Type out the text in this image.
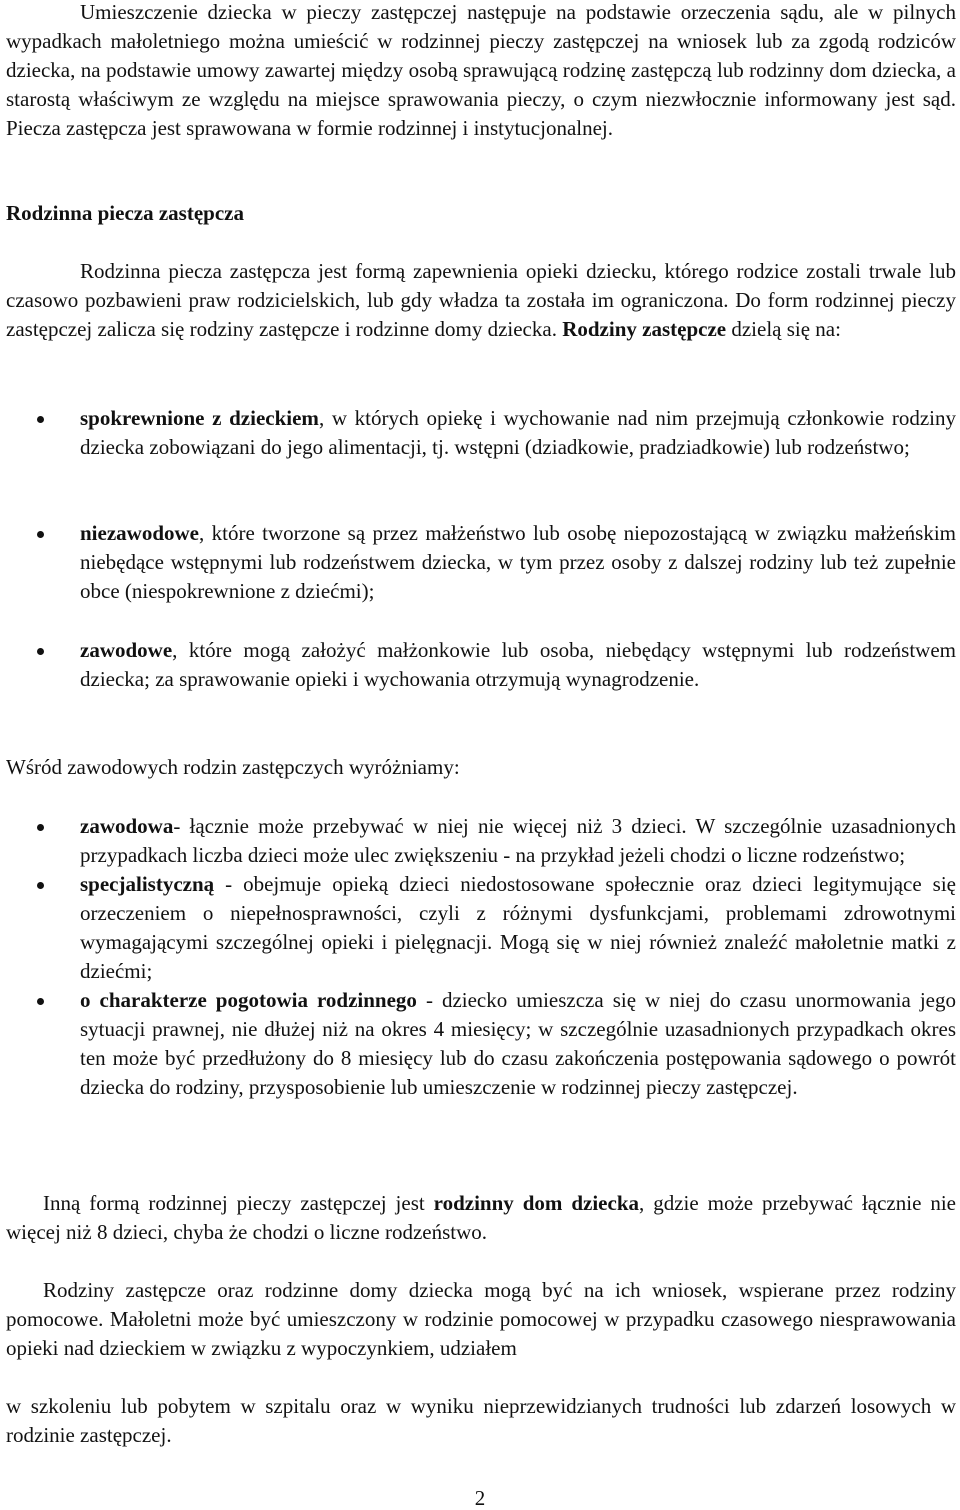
Umieszczenie dziecka w pieczy zastępczej następuje na podstawie orzeczenia sądu, ale w pilnych wypadkach małoletniego można umieścić w rodzinnej pieczy zastępczej na wniosek lub za zgodą rodziców dziecka, na podstawie umowy zawartej między osobą sprawującą rodzinę zastępczą lub rodzinny dom dziecka, a starostą właściwym ze względu na miejsce sprawowania pieczy, o czym niezwłocznie informowany jest sąd. Piecza zastępcza jest sprawowana w formie rodzinnej i instytucjonalnej.

Rodzinna piecza zastępcza

Rodzinna piecza zastępcza jest formą zapewnienia opieki dziecku, którego rodzice zostali trwale lub czasowo pozbawieni praw rodzicielskich, lub gdy władza ta została im ograniczona. Do form rodzinnej pieczy zastępczej zalicza się rodziny zastępcze i rodzinne domy dziecka. Rodziny zastępcze dzielą się na:

spokrewnione z dzieckiem, w których opiekę i wychowanie nad nim przejmują członkowie rodziny dziecka zobowiązani do jego alimentacji, tj. wstępni (dziadkowie, pradziadkowie) lub rodzeństwo;
niezawodowe, które tworzone są przez małżeństwo lub osobę niepozostającą w związku małżeńskim niebędące wstępnymi lub rodzeństwem dziecka, w tym przez osoby z dalszej rodziny lub też zupełnie obce (niespokrewnione z dziećmi);
zawodowe, które mogą założyć małżonkowie lub osoba, niebędący wstępnymi lub rodzeństwem dziecka; za sprawowanie opieki i wychowania otrzymują wynagrodzenie.

Wśród zawodowych rodzin zastępczych wyróżniamy:

zawodowa- łącznie może przebywać w niej nie więcej niż 3 dzieci. W szczególnie uzasadnionych przypadkach liczba dzieci może ulec zwiększeniu - na przykład jeżeli chodzi o liczne rodzeństwo;
specjalistyczną - obejmuje opieką dzieci niedostosowane społecznie oraz dzieci legitymujące się orzeczeniem o niepełnosprawności, czyli z różnymi dysfunkcjami, problemami zdrowotnymi wymagającymi szczególnej opieki i pielęgnacji. Mogą się w niej również znaleźć małoletnie matki z dziećmi;
o charakterze pogotowia rodzinnego - dziecko umieszcza się w niej do czasu unormowania jego sytuacji prawnej, nie dłużej niż na okres 4 miesięcy; w szczególnie uzasadnionych przypadkach okres ten może być przedłużony do 8 miesięcy lub do czasu zakończenia postępowania sądowego o powrót dziecka do rodziny, przysposobienie lub umieszczenie w rodzinnej pieczy zastępczej.

Inną formą rodzinnej pieczy zastępczej jest rodzinny dom dziecka, gdzie może przebywać łącznie nie więcej niż 8 dzieci, chyba że chodzi o liczne rodzeństwo.

Rodziny zastępcze oraz rodzinne domy dziecka mogą być na ich wniosek, wspierane przez rodziny pomocowe. Małoletni może być umieszczony w rodzinie pomocowej w przypadku czasowego niesprawowania opieki nad dzieckiem w związku z wypoczynkiem, udziałem

w szkoleniu lub pobytem w szpitalu oraz w wyniku nieprzewidzianych trudności lub zdarzeń losowych w rodzinie zastępczej.

2
